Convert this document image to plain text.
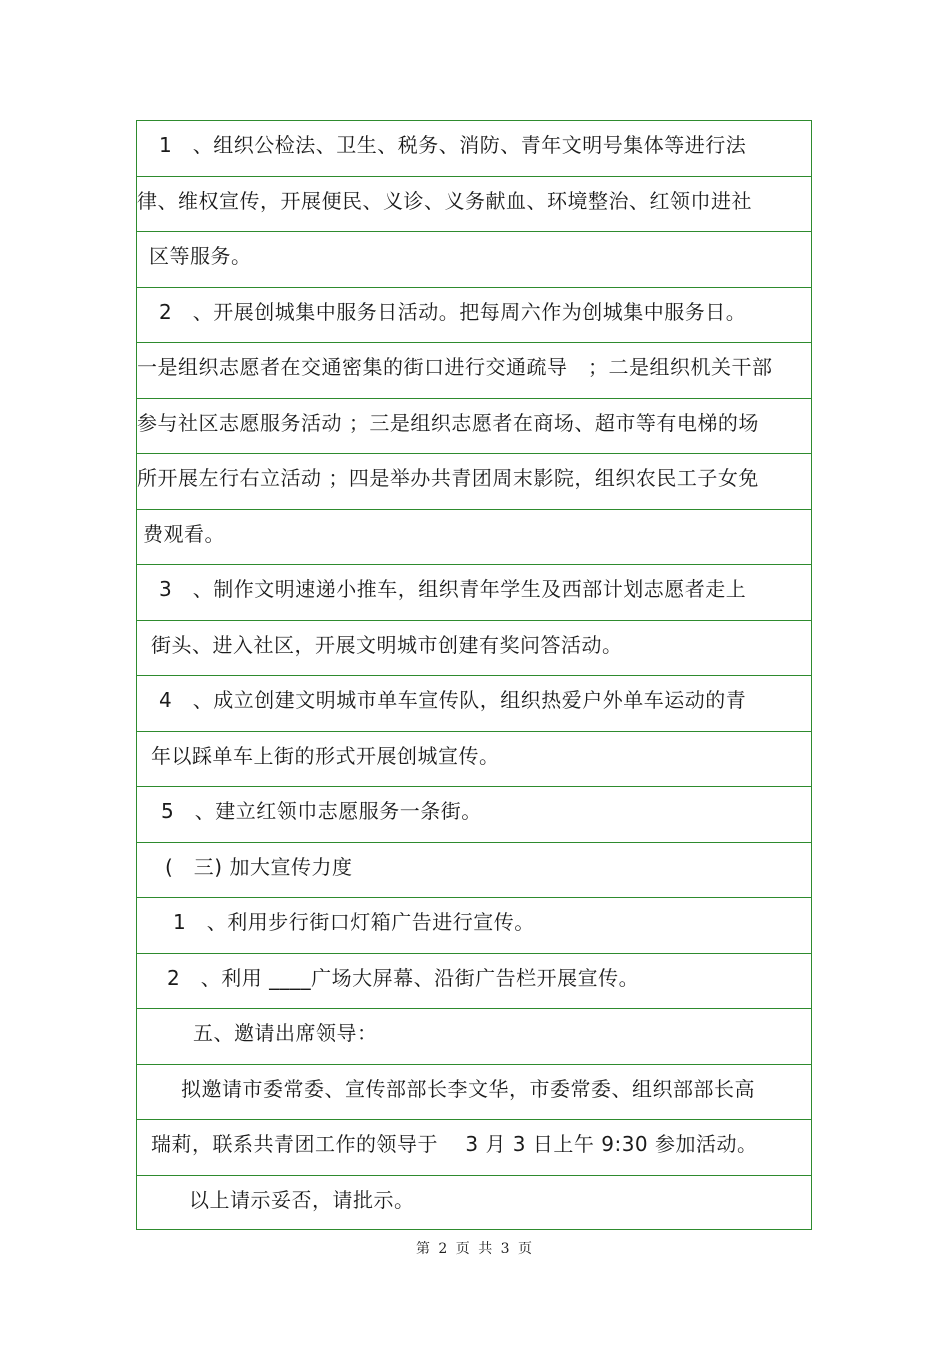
1　、组织公检法、卫生、税务、消防、青年文明号集体等进行法
律、维权宣传，开展便民、义诊、义务献血、环境整治、红领巾进社
区等服务。
2　、开展创城集中服务日活动。把每周六作为创城集中服务日。
一是组织志愿者在交通密集的街口进行交通疏导　；二是组织机关干部
参与社区志愿服务活动 ；三是组织志愿者在商场、超市等有电梯的场
所开展左行右立活动 ；四是举办共青团周末影院，组织农民工子女免
费观看。
3　、制作文明速递小推车，组织青年学生及西部计划志愿者走上
街头、进入社区，开展文明城市创建有奖问答活动。
4　、成立创建文明城市单车宣传队，组织热爱户外单车运动的青
年以踩单车上街的形式开展创城宣传。
5　、建立红领巾志愿服务一条街。
(　三) 加大宣传力度
1　、利用步行街口灯箱广告进行宣传。
2　、利用 ____广场大屏幕、沿街广告栏开展宣传。
五、邀请出席领导：
拟邀请市委常委、宣传部部长李文华，市委常委、组织部部长高
瑞莉，联系共青团工作的领导于　 3 月 3 日上午 9:30 参加活动。
以上请示妥否，请批示。
第 2 页 共 3 页
